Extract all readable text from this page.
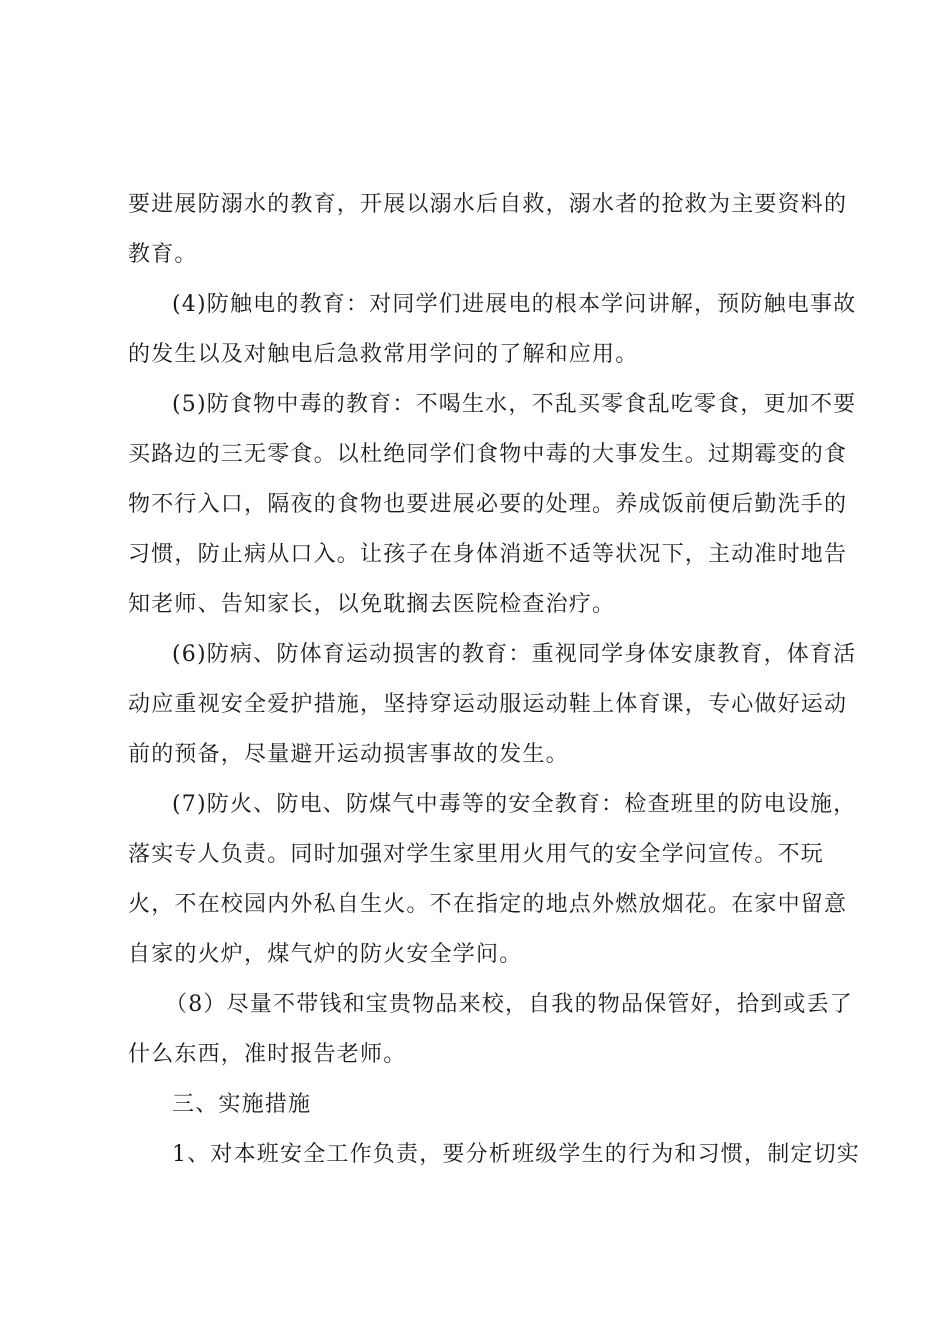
要进展防溺水的教育，开展以溺水后自救，溺水者的抢救为主要资料的
教育。
(4)防触电的教育：对同学们进展电的根本学问讲解，预防触电事故
的发生以及对触电后急救常用学问的了解和应用。
(5)防食物中毒的教育：不喝生水，不乱买零食乱吃零食，更加不要
买路边的三无零食。以杜绝同学们食物中毒的大事发生。过期霉变的食
物不行入口，隔夜的食物也要进展必要的处理。养成饭前便后勤洗手的
习惯，防止病从口入。让孩子在身体消逝不适等状况下，主动准时地告
知老师、告知家长，以免耽搁去医院检查治疗。
(6)防病、防体育运动损害的教育：重视同学身体安康教育，体育活
动应重视安全爱护措施，坚持穿运动服运动鞋上体育课，专心做好运动
前的预备，尽量避开运动损害事故的发生。
(7)防火、防电、防煤气中毒等的安全教育：检查班里的防电设施，
落实专人负责。同时加强对学生家里用火用气的安全学问宣传。不玩
火，不在校园内外私自生火。不在指定的地点外燃放烟花。在家中留意
自家的火炉，煤气炉的防火安全学问。
（8）尽量不带钱和宝贵物品来校，自我的物品保管好，拾到或丢了
什么东西，准时报告老师。
三、实施措施
1、对本班安全工作负责，要分析班级学生的行为和习惯，制定切实
